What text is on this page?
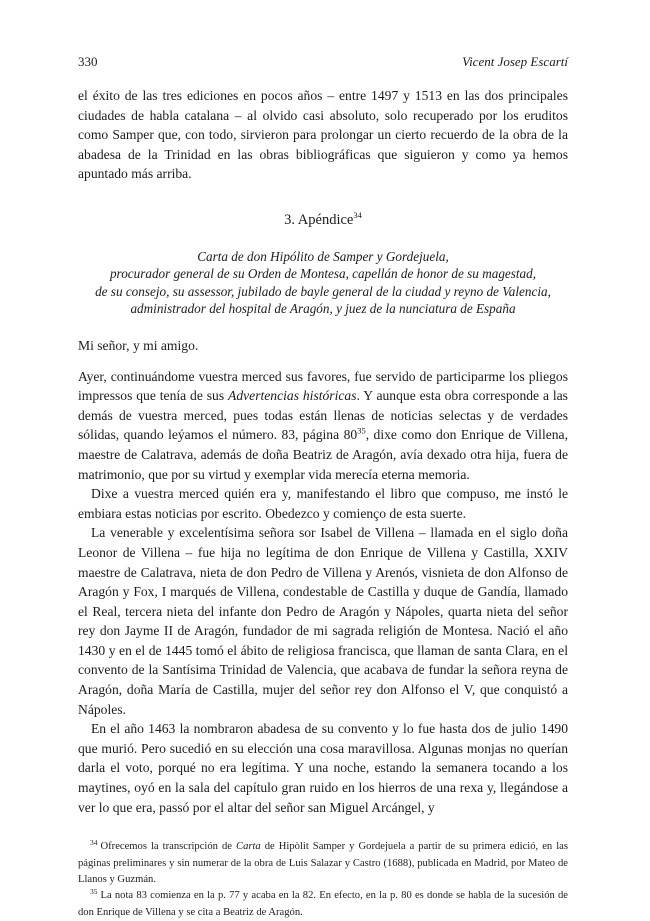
330	Vicent Josep Escartí

el éxito de las tres ediciones en pocos años – entre 1497 y 1513 en las dos principales ciudades de habla catalana – al olvido casi absoluto, solo recuperado por los eruditos como Samper que, con todo, sirvieron para prolongar un cierto recuerdo de la obra de la abadesa de la Trinidad en las obras bibliográficas que siguieron y como ya hemos apuntado más arriba.

3. Apéndice$^{34}$
Carta de don Hipólito de Samper y Gordejuela,
procurador general de su Orden de Montesa, capellán de honor de su magestad,
de su consejo, su assessor, jubilado de bayle general de la ciudad y reyno de Valencia,
administrador del hospital de Aragón, y juez de la nunciatura de España
Mi señor, y mi amigo.

Ayer, continuándome vuestra merced sus favores, fue servido de participarme los pliegos impressos que tenía de sus Advertencias históricas. Y aunque esta obra corresponde a las demás de vuestra merced, pues todas están llenas de noticias selectas y de verdades sólidas, quando leýamos el número. 83, página $80^{35}$, dixe como don Enrique de Villena, maestre de Calatrava, además de doña Beatriz de Aragón, avía dexado otra hija, fuera de matrimonio, que por su virtud y exemplar vida merecía eterna memoria.

Dixe a vuestra merced quién era y, manifestando el libro que compuso, me instó le embiara estas noticias por escrito. Obedezco y comienço de esta suerte.

La venerable y excelentísima señora sor Isabel de Villena – llamada en el siglo doña Leonor de Villena – fue hija no legítima de don Enrique de Villena y Castilla, XXIV maestre de Calatrava, nieta de don Pedro de Villena y Arenós, visnieta de don Alfonso de Aragón y Fox, I marqués de Villena, condestable de Castilla y duque de Gandía, llamado el Real, tercera nieta del infante don Pedro de Aragón y Nápoles, quarta nieta del señor rey don Jayme II de Aragón, fundador de mi sagrada religión de Montesa. Nació el año 1430 y en el de 1445 tomó el ábito de religiosa francisca, que llaman de santa Clara, en el convento de la Santísima Trinidad de Valencia, que acabava de fundar la señora reyna de Aragón, doña María de Castilla, mujer del señor rey don Alfonso el V, que conquistó a Nápoles.

En el año 1463 la nombraron abadesa de su convento y lo fue hasta dos de julio 1490 que murió. Pero sucedió en su elección una cosa maravillosa. Algunas monjas no querían darla el voto, porqué no era legítima. Y una noche, estando la semanera tocando a los maytines, oyó en la sala del capítulo gran ruido en los hierros de una rexa y, llegándose a ver lo que era, passó por el altar del señor san Miguel Arcángel, y

$^{34}$ Ofrecemos la transcripción de Carta de Hipòlit Samper y Gordejuela a partir de su primera edició, en las páginas preliminares y sin numerar de la obra de Luis Salazar y Castro (1688), publicada en Madrid, por Mateo de Llanos y Guzmán.

$^{35}$ La nota 83 comienza en la p. 77 y acaba en la 82. En efecto, en la p. 80 es donde se habla de la sucesión de don Enrique de Villena y se cita a Beatriz de Aragón.
